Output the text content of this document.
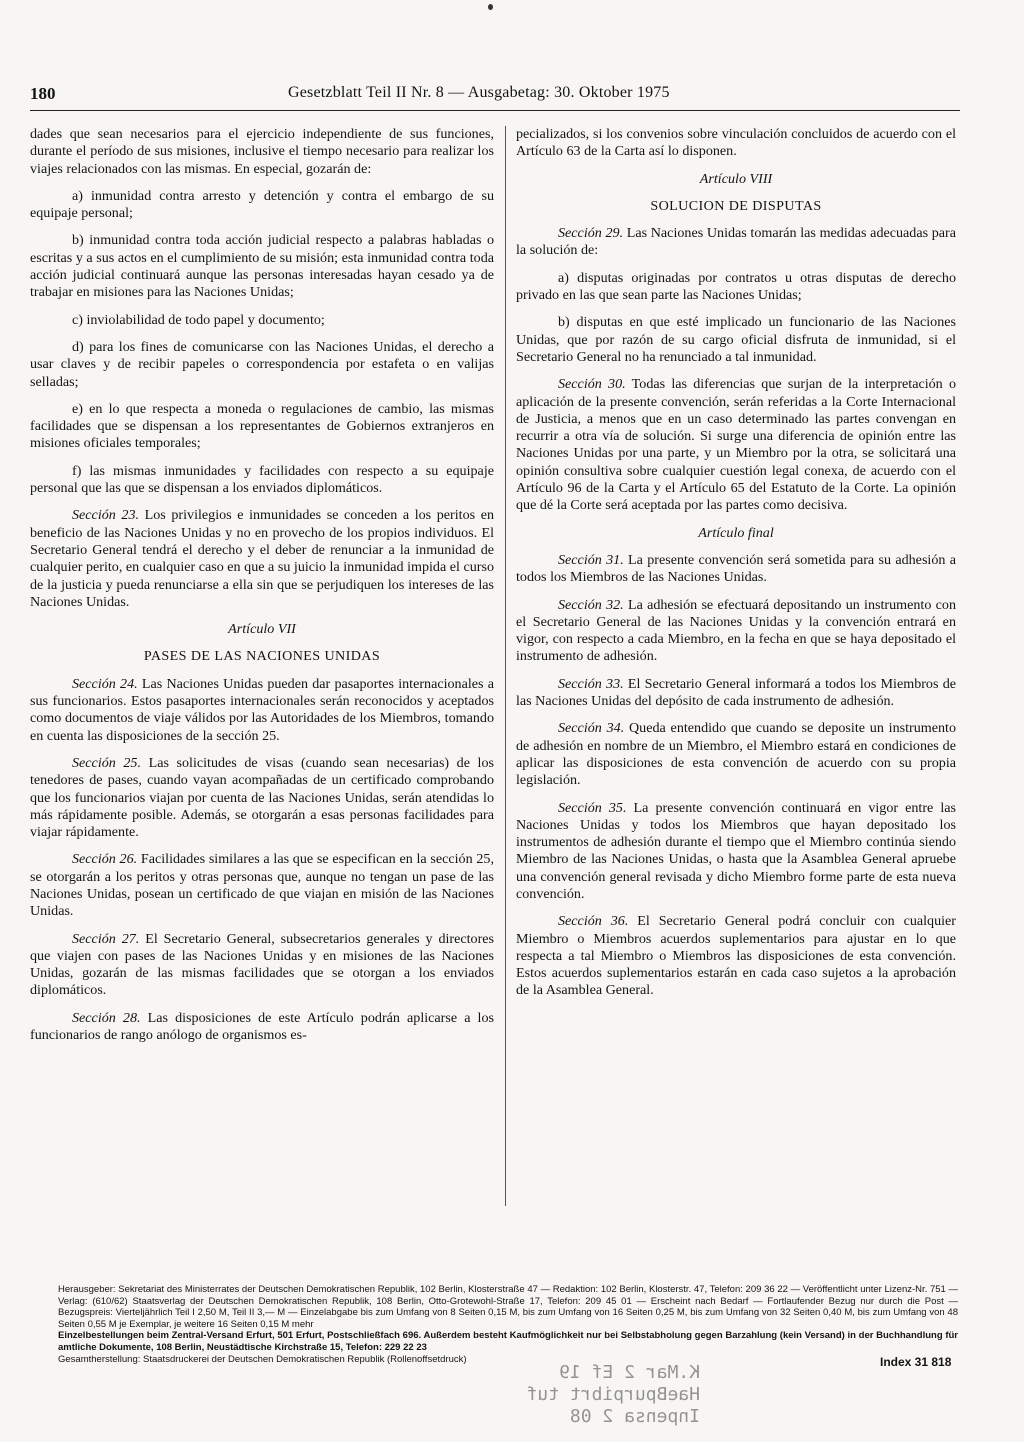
180	Gesetzblatt Teil II Nr. 8 — Ausgabetag: 30. Oktober 1975

dades que sean necesarios para el ejercicio independiente de sus funciones, durante el período de sus misiones, inclusive el tiempo necesario para realizar los viajes relacionados con las mismas. En especial, gozarán de:

a) inmunidad contra arresto y detención y contra el embargo de su equipaje personal;

b) inmunidad contra toda acción judicial respecto a palabras habladas o escritas y a sus actos en el cumplimiento de su misión; esta inmunidad contra toda acción judicial continuará aunque las personas interesadas hayan cesado ya de trabajar en misiones para las Naciones Unidas;

c) inviolabilidad de todo papel y documento;

d) para los fines de comunicarse con las Naciones Unidas, el derecho a usar claves y de recibir papeles o correspondencia por estafeta o en valijas selladas;

e) en lo que respecta a moneda o regulaciones de cambio, las mismas facilidades que se dispensan a los representantes de Gobiernos extranjeros en misiones oficiales temporales;

f) las mismas inmunidades y facilidades con respecto a su equipaje personal que las que se dispensan a los enviados diplomáticos.

Sección 23. Los privilegios e inmunidades se conceden a los peritos en beneficio de las Naciones Unidas y no en provecho de los propios individuos. El Secretario General tendrá el derecho y el deber de renunciar a la inmunidad de cualquier perito, en cualquier caso en que a su juicio la inmunidad impida el curso de la justicia y pueda renunciarse a ella sin que se perjudiquen los intereses de las Naciones Unidas.

Artículo VII

PASES DE LAS NACIONES UNIDAS

Sección 24. Las Naciones Unidas pueden dar pasaportes internacionales a sus funcionarios. Estos pasaportes internacionales serán reconocidos y aceptados como documentos de viaje válidos por las Autoridades de los Miembros, tomando en cuenta las disposiciones de la sección 25.

Sección 25. Las solicitudes de visas (cuando sean necesarias) de los tenedores de pases, cuando vayan acompañadas de un certificado comprobando que los funcionarios viajan por cuenta de las Naciones Unidas, serán atendidas lo más rápidamente posible. Además, se otorgarán a esas personas facilidades para viajar rápidamente.

Sección 26. Facilidades similares a las que se especifican en la sección 25, se otorgarán a los peritos y otras personas que, aunque no tengan un pase de las Naciones Unidas, posean un certificado de que viajan en misión de las Naciones Unidas.

Sección 27. El Secretario General, subsecretarios generales y directores que viajen con pases de las Naciones Unidas y en misiones de las Naciones Unidas, gozarán de las mismas facilidades que se otorgan a los enviados diplomáticos.

Sección 28. Las disposiciones de este Artículo podrán aplicarse a los funcionarios de rango anólogo de organismos es-

pecializados, si los convenios sobre vinculación concluidos de acuerdo con el Artículo 63 de la Carta así lo disponen.

Artículo VIII

SOLUCION DE DISPUTAS

Sección 29. Las Naciones Unidas tomarán las medidas adecuadas para la solución de:

a) disputas originadas por contratos u otras disputas de derecho privado en las que sean parte las Naciones Unidas;

b) disputas en que esté implicado un funcionario de las Naciones Unidas, que por razón de su cargo oficial disfruta de inmunidad, si el Secretario General no ha renunciado a tal inmunidad.

Sección 30. Todas las diferencias que surjan de la interpretación o aplicación de la presente convención, serán referidas a la Corte Internacional de Justicia, a menos que en un caso determinado las partes convengan en recurrir a otra vía de solución. Si surge una diferencia de opinión entre las Naciones Unidas por una parte, y un Miembro por la otra, se solicitará una opinión consultiva sobre cualquier cuestión legal conexa, de acuerdo con el Artículo 96 de la Carta y el Artículo 65 del Estatuto de la Corte. La opinión que dé la Corte será aceptada por las partes como decisiva.

Artículo final

Sección 31. La presente convención será sometida para su adhesión a todos los Miembros de las Naciones Unidas.

Sección 32. La adhesión se efectuará depositando un instrumento con el Secretario General de las Naciones Unidas y la convención entrará en vigor, con respecto a cada Miembro, en la fecha en que se haya depositado el instrumento de adhesión.

Sección 33. El Secretario General informará a todos los Miembros de las Naciones Unidas del depósito de cada instrumento de adhesión.

Sección 34. Queda entendido que cuando se deposite un instrumento de adhesión en nombre de un Miembro, el Miembro estará en condiciones de aplicar las disposiciones de esta convención de acuerdo con su propia legislación.

Sección 35. La presente convención continuará en vigor entre las Naciones Unidas y todos los Miembros que hayan depositado los instrumentos de adhesión durante el tiempo que el Miembro continúa siendo Miembro de las Naciones Unidas, o hasta que la Asamblea General apruebe una convención general revisada y dicho Miembro forme parte de esta nueva convención.

Sección 36. El Secretario General podrá concluir con cualquier Miembro o Miembros acuerdos suplementarios para ajustar en lo que respecta a tal Miembro o Miembros las disposiciones de esta convención. Estos acuerdos suplementarios estarán en cada caso sujetos a la aprobación de la Asamblea General.

Herausgeber: Sekretariat des Ministerrates der Deutschen Demokratischen Republik, 102 Berlin, Klosterstraße 47 — Redaktion: 102 Berlin, Klosterstr. 47, Telefon: 209 36 22 — Veröffentlicht unter Lizenz-Nr. 751 — Verlag: (610/62) Staatsverlag der Deutschen Demokratischen Republik, 108 Berlin, Otto-Grotewohl-Straße 17, Telefon: 209 45 01 — Erscheint nach Bedarf — Fortlaufender Bezug nur durch die Post — Bezugspreis: Vierteljährlich Teil I 2,50 M, Teil II 3,— M — Einzelabgabe bis zum Umfang von 8 Seiten 0,15 M, bis zum Umfang von 16 Seiten 0,25 M, bis zum Umfang von 32 Seiten 0,40 M, bis zum Umfang von 48 Seiten 0,55 M je Exemplar, je weitere 16 Seiten 0,15 M mehr

Einzelbestellungen beim Zentral-Versand Erfurt, 501 Erfurt, Postschließfach 696. Außerdem besteht Kaufmöglichkeit nur bei Selbstabholung gegen Barzahlung (kein Versand) in der Buchhandlung für amtliche Dokumente, 108 Berlin, Neustädtische Kirchstraße 15, Telefon: 229 22 23

Gesamtherstellung: Staatsdruckerei der Deutschen Demokratischen Republik (Rollenoffsetdruck)	Index 31 818
K.Mar 2 Ef 19
HaeBpurpibrt tuf
Inpensa 2 08
